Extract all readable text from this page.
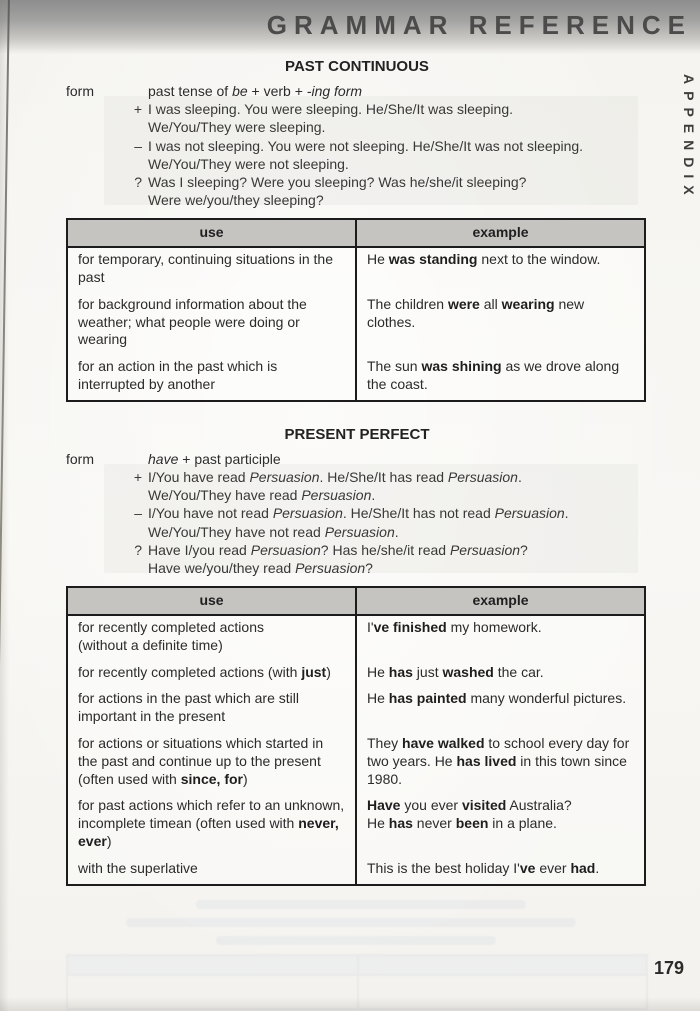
GRAMMAR REFERENCE
APPENDIX
PAST CONTINUOUS
form	past tense of be + verb + -ing form
+ I was sleeping. You were sleeping. He/She/It was sleeping.
We/You/They were sleeping.
– I was not sleeping. You were not sleeping. He/She/It was not sleeping.
We/You/They were not sleeping.
? Was I sleeping? Were you sleeping? Was he/she/it sleeping?
Were we/you/they sleeping?
use	example
for temporary, continuing situations in the past	He was standing next to the window.
for background information about the weather; what people were doing or wearing	The children were all wearing new clothes.
for an action in the past which is interrupted by another	The sun was shining as we drove along the coast.
PRESENT PERFECT
form	have + past participle
+ I/You have read Persuasion. He/She/It has read Persuasion.
We/You/They have read Persuasion.
– I/You have not read Persuasion. He/She/It has not read Persuasion.
We/You/They have not read Persuasion.
? Have I/you read Persuasion? Has he/she/it read Persuasion?
Have we/you/they read Persuasion?
use	example
for recently completed actions
(without a definite time)	I've finished my homework.
for recently completed actions (with just)	He has just washed the car.
for actions in the past which are still important in the present	He has painted many wonderful pictures.
for actions or situations which started in the past and continue up to the present (often used with since, for)	They have walked to school every day for two years. He has lived in this town since 1980.
for past actions which refer to an unknown, incomplete timean (often used with never, ever)	Have you ever visited Australia?
He has never been in a plane.
with the superlative	This is the best holiday I've ever had.
179
